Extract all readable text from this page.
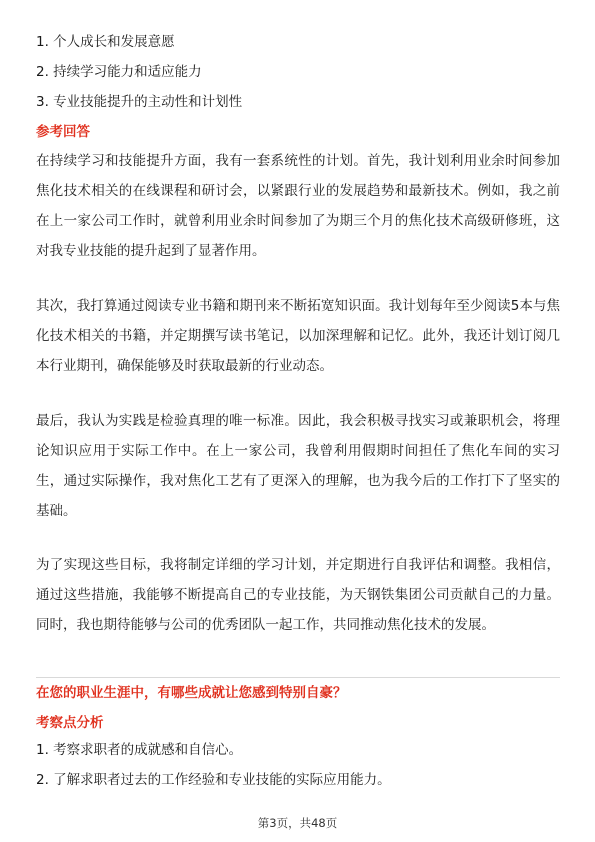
1. 个人成长和发展意愿
2. 持续学习能力和适应能力
3. 专业技能提升的主动性和计划性
参考回答
在持续学习和技能提升方面，我有一套系统性的计划。首先，我计划利用业余时间参加焦化技术相关的在线课程和研讨会，以紧跟行业的发展趋势和最新技术。例如，我之前在上一家公司工作时，就曾利用业余时间参加了为期三个月的焦化技术高级研修班，这对我专业技能的提升起到了显著作用。
其次，我打算通过阅读专业书籍和期刊来不断拓宽知识面。我计划每年至少阅读5本与焦化技术相关的书籍，并定期撰写读书笔记，以加深理解和记忆。此外，我还计划订阅几本行业期刊，确保能够及时获取最新的行业动态。
最后，我认为实践是检验真理的唯一标准。因此，我会积极寻找实习或兼职机会，将理论知识应用于实际工作中。在上一家公司，我曾利用假期时间担任了焦化车间的实习生，通过实际操作，我对焦化工艺有了更深入的理解，也为我今后的工作打下了坚实的基础。
为了实现这些目标，我将制定详细的学习计划，并定期进行自我评估和调整。我相信，通过这些措施，我能够不断提高自己的专业技能，为天钢铁集团公司贡献自己的力量。同时，我也期待能够与公司的优秀团队一起工作，共同推动焦化技术的发展。
在您的职业生涯中，有哪些成就让您感到特别自豪？
考察点分析
1. 考察求职者的成就感和自信心。
2. 了解求职者过去的工作经验和专业技能的实际应用能力。
第3页，共48页
